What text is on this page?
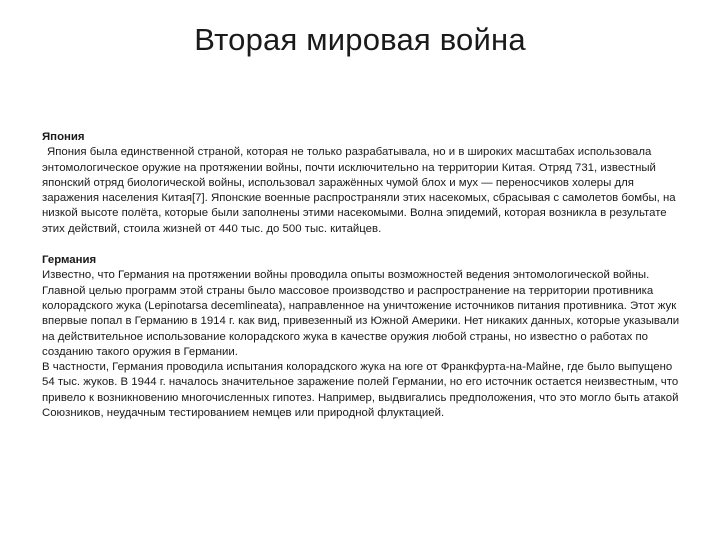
Вторая мировая война

Япония

Япония была единственной страной, которая не только разрабатывала, но и в широких масштабах использовала энтомологическое оружие на протяжении войны, почти исключительно на территории Китая. Отряд 731, известный японский отряд биологической войны, использовал заражённых чумой блох и мух — переносчиков холеры для заражения населения Китая[7]. Японские военные распространяли этих насекомых, сбрасывая с самолетов бомбы, на низкой высоте полёта, которые были заполнены этими насекомыми. Волна эпидемий, которая возникла в результате этих действий, стоила жизней от 440 тыс. до 500 тыс. китайцев.

Германия

Известно, что Германия на протяжении войны проводила опыты возможностей ведения энтомологической войны. Главной целью программ этой страны было массовое производство и распространение на территории противника колорадского жука (Lepinotarsa decemlineata), направленное на уничтожение источников питания противника. Этот жук впервые попал в Германию в 1914 г. как вид, привезенный из Южной Америки. Нет никаких данных, которые указывали на действительное использование колорадского жука в качестве оружия любой страны, но известно о работах по созданию такого оружия в Германии.

В частности, Германия проводила испытания колорадского жука на юге от Франкфурта-на-Майне, где было выпущено 54 тыс. жуков. В 1944 г. началось значительное заражение полей Германии, но его источник остается неизвестным, что привело к возникновению многочисленных гипотез. Например, выдвигались предположения, что это могло быть атакой Союзников, неудачным тестированием немцев или природной флуктацией.
